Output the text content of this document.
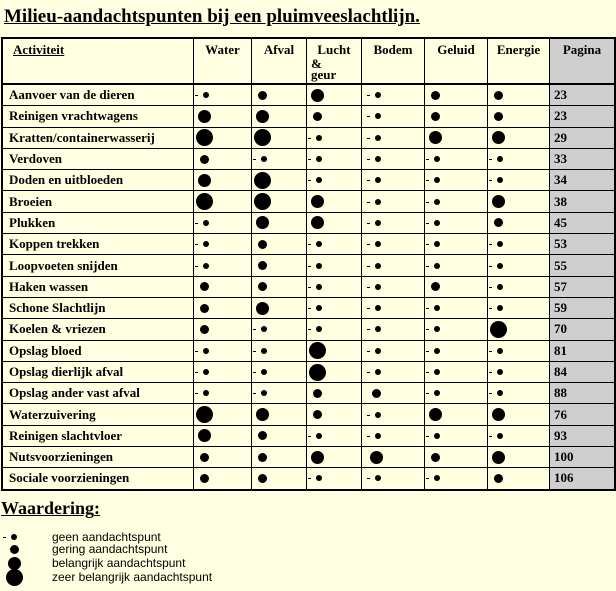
Milieu-aandachtspunten bij een pluimveeslachtlijn.
Activiteit	Water	Afval	Lucht
&
geur	Bodem	Geluid	Energie	Pagina
Aanvoer van de dieren							23
Reinigen vrachtwagens							23
Kratten/containerwasserij							29
Verdoven							33
Doden en uitbloeden							34
Broeien							38
Plukken							45
Koppen trekken							53
Loopvoeten snijden							55
Haken wassen							57
Schone Slachtlijn							59
Koelen & vriezen							70
Opslag bloed							81
Opslag dierlijk afval							84
Opslag ander vast afval							88
Waterzuivering							76
Reinigen slachtvloer							93
Nutsvoorzieningen							100
Sociale voorzieningen							106
Waardering:
geen aandachtspunt
gering aandachtspunt
belangrijk aandachtspunt
zeer belangrijk aandachtspunt
